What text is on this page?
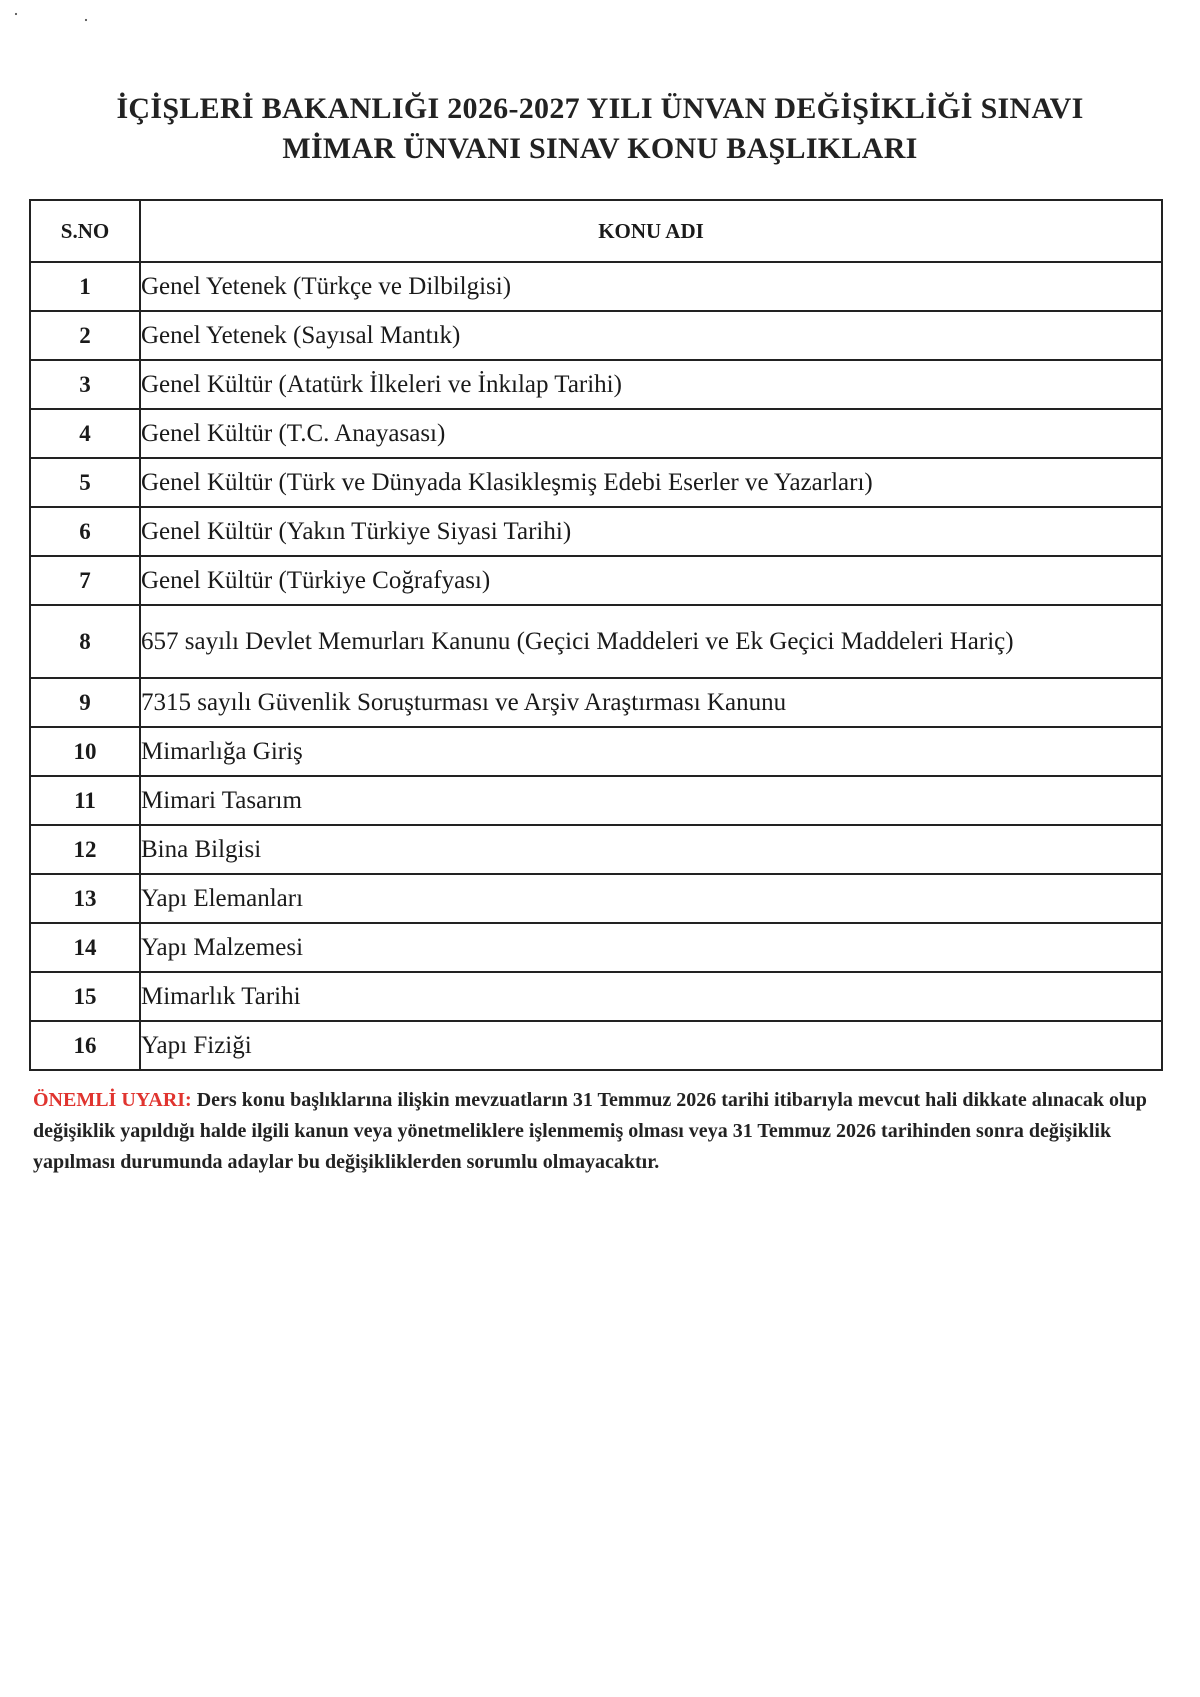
İÇİŞLERİ BAKANLIĞI 2026-2027 YILI ÜNVAN DEĞİŞİKLİĞİ SINAVI
MİMAR ÜNVANI SINAV KONU BAŞLIKLARI
S.NO	KONU ADI
1	Genel Yetenek (Türkçe ve Dilbilgisi)
2	Genel Yetenek (Sayısal Mantık)
3	Genel Kültür (Atatürk İlkeleri ve İnkılap Tarihi)
4	Genel Kültür (T.C. Anayasası)
5	Genel Kültür (Türk ve Dünyada Klasikleşmiş Edebi Eserler ve Yazarları)
6	Genel Kültür (Yakın Türkiye Siyasi Tarihi)
7	Genel Kültür (Türkiye Coğrafyası)
8	657 sayılı Devlet Memurları Kanunu (Geçici Maddeleri ve Ek Geçici Maddeleri Hariç)
9	7315 sayılı Güvenlik Soruşturması ve Arşiv Araştırması Kanunu
10	Mimarlığa Giriş
11	Mimari Tasarım
12	Bina Bilgisi
13	Yapı Elemanları
14	Yapı Malzemesi
15	Mimarlık Tarihi
16	Yapı Fiziği
ÖNEMLİ UYARI: Ders konu başlıklarına ilişkin mevzuatların 31 Temmuz 2026 tarihi itibarıyla mevcut hali dikkate alınacak olup değişiklik yapıldığı halde ilgili kanun veya yönetmeliklere işlenmemiş olması veya 31 Temmuz 2026 tarihinden sonra değişiklik yapılması durumunda adaylar bu değişikliklerden sorumlu olmayacaktır.
